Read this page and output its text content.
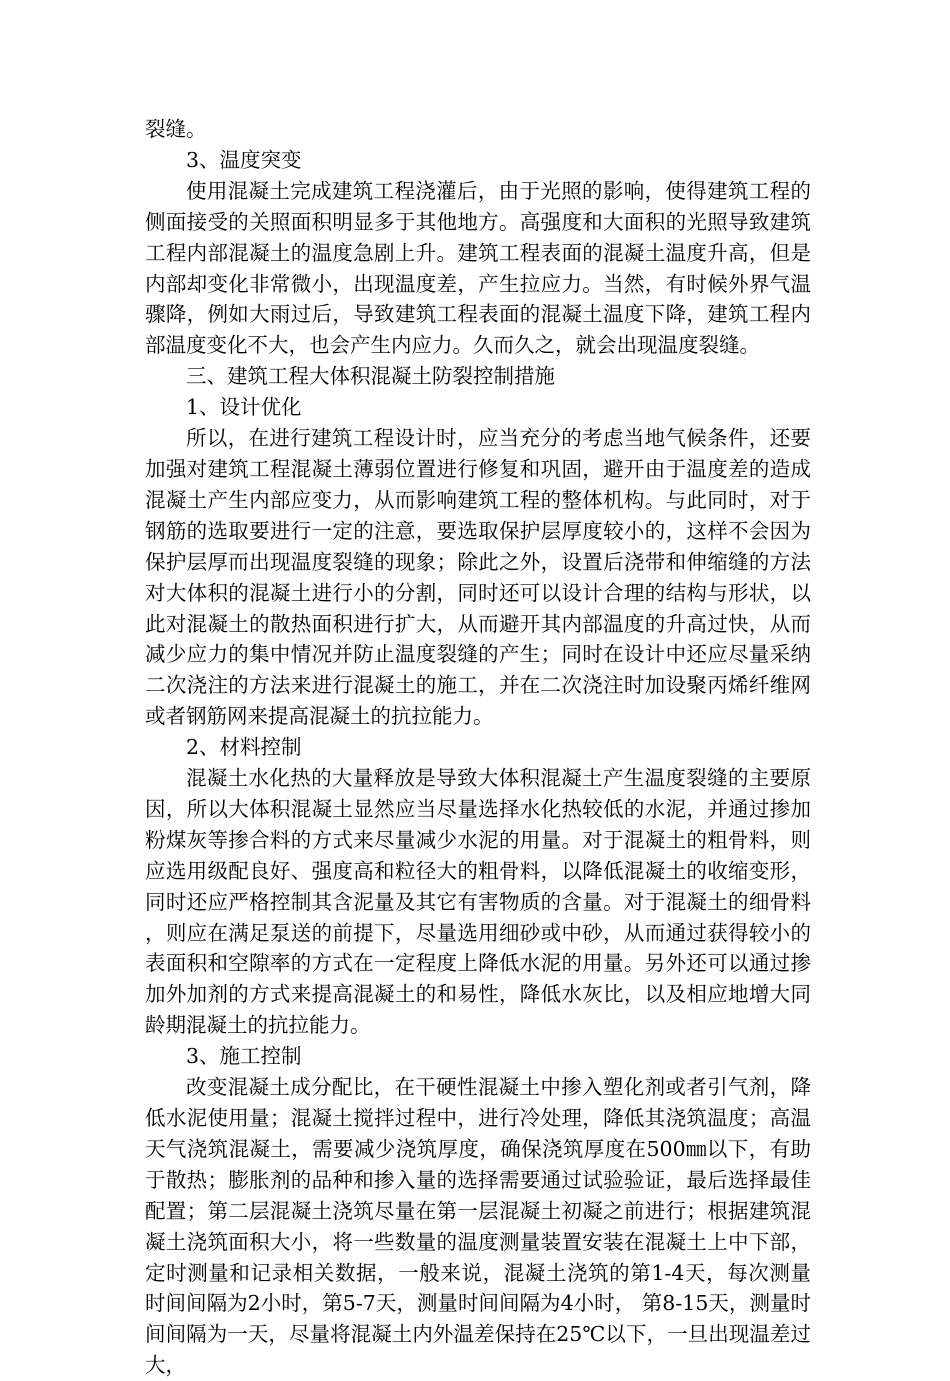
裂缝。

3、温度突变

使用混凝土完成建筑工程浇灌后，由于光照的影响，使得建筑工程的侧面接受的关照面积明显多于其他地方。高强度和大面积的光照导致建筑工程内部混凝土的温度急剧上升。建筑工程表面的混凝土温度升高，但是内部却变化非常微小，出现温度差，产生拉应力。当然，有时候外界气温骤降，例如大雨过后，导致建筑工程表面的混凝土温度下降，建筑工程内部温度变化不大，也会产生内应力。久而久之，就会出现温度裂缝。

三、建筑工程大体积混凝土防裂控制措施

1、设计优化

所以，在进行建筑工程设计时，应当充分的考虑当地气候条件，还要加强对建筑工程混凝土薄弱位置进行修复和巩固，避开由于温度差的造成混凝土产生内部应变力，从而影响建筑工程的整体机构。与此同时，对于钢筋的选取要进行一定的注意，要选取保护层厚度较小的，这样不会因为保护层厚而出现温度裂缝的现象；除此之外，设置后浇带和伸缩缝的方法对大体积的混凝土进行小的分割，同时还可以设计合理的结构与形状，以此对混凝土的散热面积进行扩大，从而避开其内部温度的升高过快，从而减少应力的集中情况并防止温度裂缝的产生；同时在设计中还应尽量采纳二次浇注的方法来进行混凝土的施工，并在二次浇注时加设聚丙烯纤维网或者钢筋网来提高混凝土的抗拉能力。

2、材料控制

混凝土水化热的大量释放是导致大体积混凝土产生温度裂缝的主要原因，所以大体积混凝土显然应当尽量选择水化热较低的水泥，并通过掺加粉煤灰等掺合料的方式来尽量减少水泥的用量。对于混凝土的粗骨料，则应选用级配良好、强度高和粒径大的粗骨料，以降低混凝土的收缩变形，同时还应严格控制其含泥量及其它有害物质的含量。对于混凝土的细骨料，则应在满足泵送的前提下，尽量选用细砂或中砂，从而通过获得较小的表面积和空隙率的方式在一定程度上降低水泥的用量。另外还可以通过掺加外加剂的方式来提高混凝土的和易性，降低水灰比，以及相应地增大同龄期混凝土的抗拉能力。

3、施工控制

改变混凝土成分配比，在干硬性混凝土中掺入塑化剂或者引气剂，降低水泥使用量；混凝土搅拌过程中，进行冷处理，降低其浇筑温度；高温天气浇筑混凝土，需要减少浇筑厚度，确保浇筑厚度在500㎜以下，有助于散热；膨胀剂的品种和掺入量的选择需要通过试验验证，最后选择最佳配置；第二层混凝土浇筑尽量在第一层混凝土初凝之前进行；根据建筑混凝土浇筑面积大小，将一些数量的温度测量装置安装在混凝土上中下部，定时测量和记录相关数据，一般来说，混凝土浇筑的第1-4天，每次测量时间间隔为2小时，第5-7天，测量时间间隔为4小时， 第8-15天，测量时间间隔为一天，尽量将混凝土内外温差保持在25℃以下，一旦出现温差过大，
